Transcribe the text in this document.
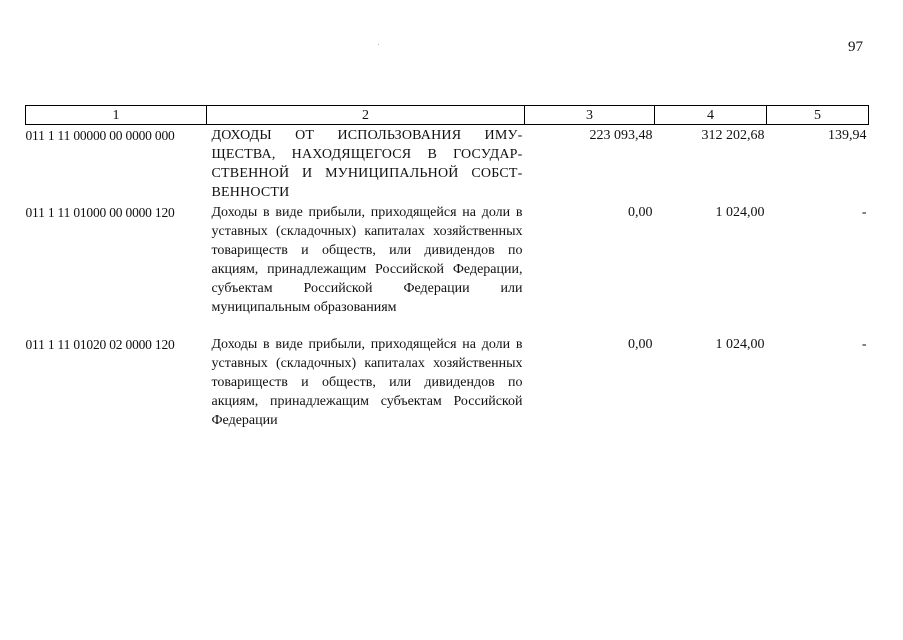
97
1	2	3	4	5
011 1 11 00000 00 0000 000	ДОХОДЫ ОТ ИСПОЛЬЗОВАНИЯ ИМУ-ЩЕСТВА, НАХОДЯЩЕГОСЯ В ГОСУДАР-СТВЕННОЙ И МУНИЦИПАЛЬНОЙ СОБСТ-ВЕННОСТИ	223 093,48	312 202,68	139,94
011 1 11 01000 00 0000 120	Доходы в виде прибыли, приходящейся на доли в уставных (складочных) капиталах хозяйственных товариществ и обществ, или дивидендов по акциям, принадлежащим Российской Федерации, субъектам Российской Федерации или муниципальным образованиям	0,00	1 024,00	-

011 1 11 01020 02 0000 120	Доходы в виде прибыли, приходящейся на доли в уставных (складочных) капиталах хозяйственных товариществ и обществ, или дивидендов по акциям, принадлежащим субъектам Российской Федерации	0,00	1 024,00	-
